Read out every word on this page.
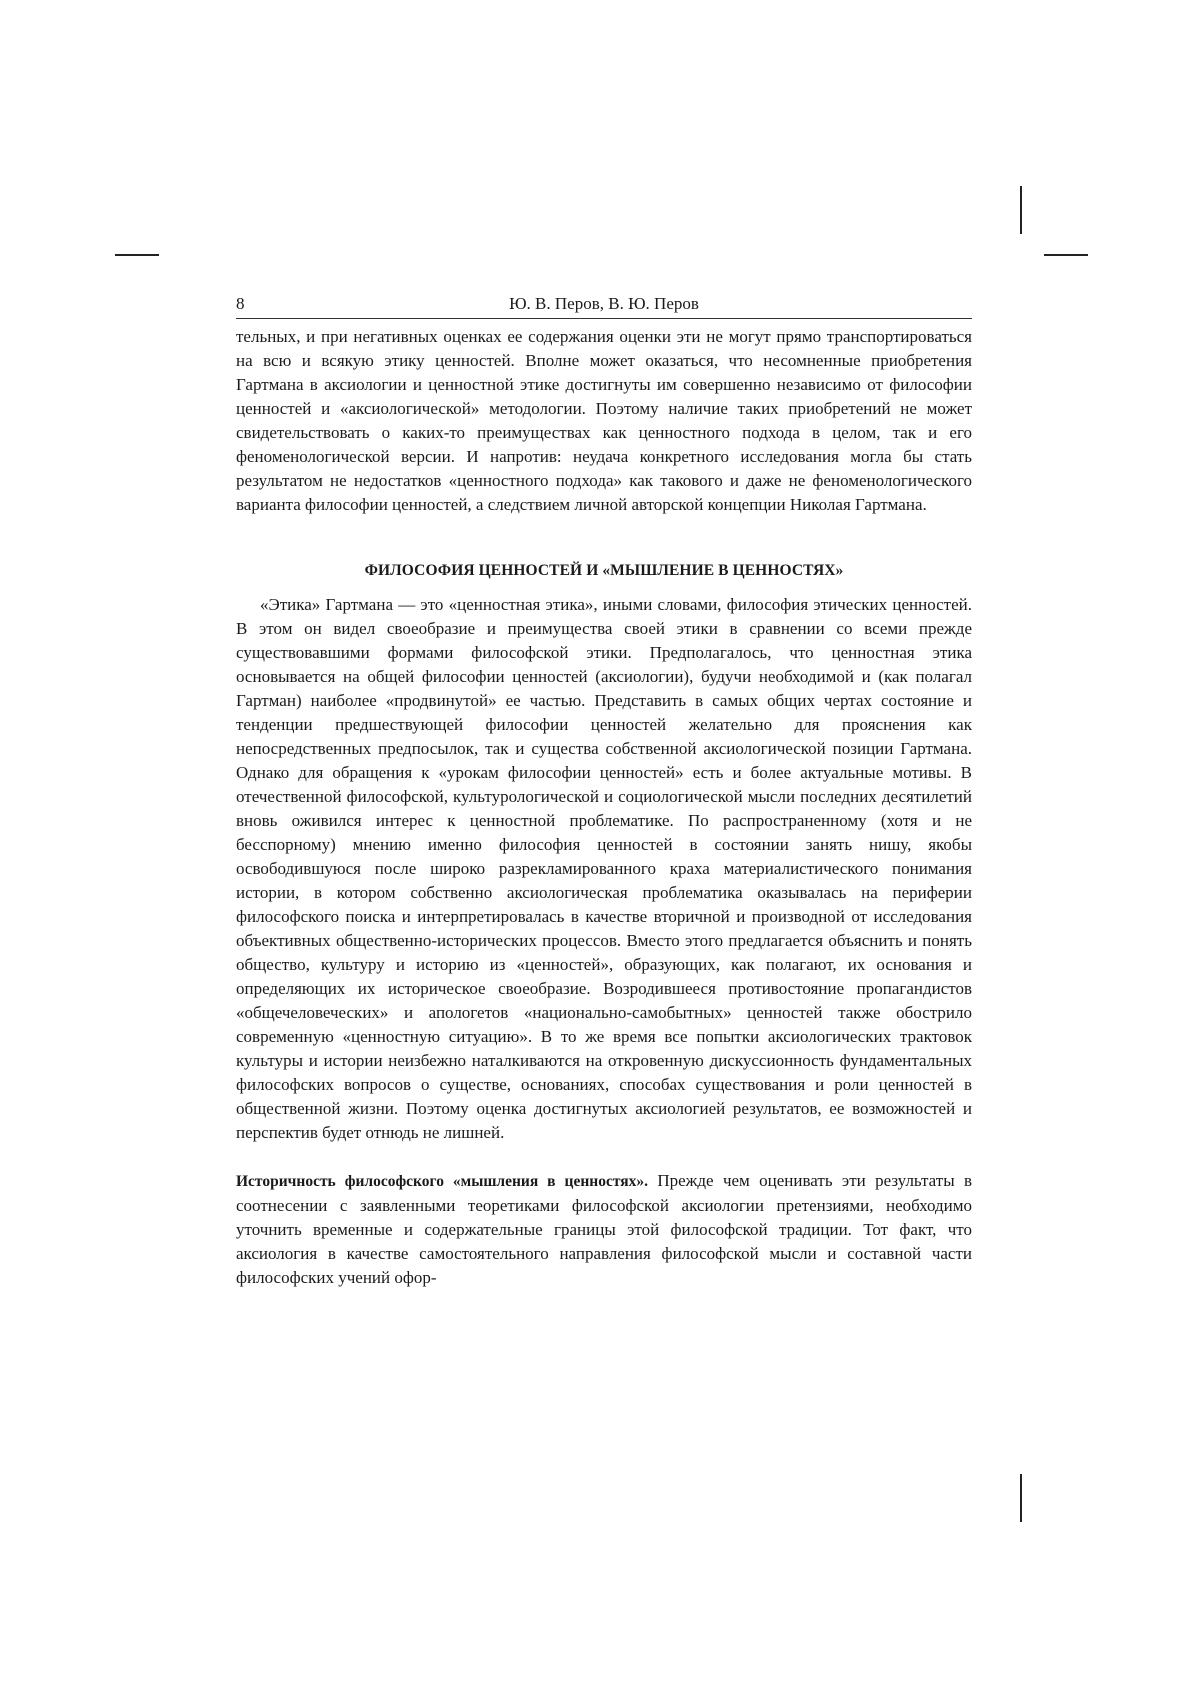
8	Ю. В. Перов, В. Ю. Перов

тельных, и при негативных оценках ее содержания оценки эти не могут прямо транспортироваться на всю и всякую этику ценностей. Вполне может оказаться, что несомненные приобретения Гартмана в аксиологии и ценностной этике достигнуты им совершенно независимо от философии ценностей и «аксиологической» методологии. Поэтому наличие таких приобретений не может свидетельствовать о каких-то преимуществах как ценностного подхода в целом, так и его феноменологической версии. И напротив: неудача конкретного исследования могла бы стать результатом не недостатков «ценностного подхода» как такового и даже не феноменологического варианта философии ценностей, а следствием личной авторской концепции Николая Гартмана.

ФИЛОСОФИЯ ЦЕННОСТЕЙ И «МЫШЛЕНИЕ В ЦЕННОСТЯХ»

«Этика» Гартмана — это «ценностная этика», иными словами, философия этических ценностей. В этом он видел своеобразие и преимущества своей этики в сравнении со всеми прежде существовавшими формами философской этики. Предполагалось, что ценностная этика основывается на общей философии ценностей (аксиологии), будучи необходимой и (как полагал Гартман) наиболее «продвинутой» ее частью. Представить в самых общих чертах состояние и тенденции предшествующей философии ценностей желательно для прояснения как непосредственных предпосылок, так и существа собственной аксиологической позиции Гартмана. Однако для обращения к «урокам философии ценностей» есть и более актуальные мотивы. В отечественной философской, культурологической и социологической мысли последних десятилетий вновь оживился интерес к ценностной проблематике. По распространенному (хотя и не бесспорному) мнению именно философия ценностей в состоянии занять нишу, якобы освободившуюся после широко разрекламированного краха материалистического понимания истории, в котором собственно аксиологическая проблематика оказывалась на периферии философского поиска и интерпретировалась в качестве вторичной и производной от исследования объективных общественно-исторических процессов. Вместо этого предлагается объяснить и понять общество, культуру и историю из «ценностей», образующих, как полагают, их основания и определяющих их историческое своеобразие. Возродившееся противостояние пропагандистов «общечеловеческих» и апологетов «национально-самобытных» ценностей также обострило современную «ценностную ситуацию». В то же время все попытки аксиологических трактовок культуры и истории неизбежно наталкиваются на откровенную дискуссионность фундаментальных философских вопросов о существе, основаниях, способах существования и роли ценностей в общественной жизни. Поэтому оценка достигнутых аксиологией результатов, ее возможностей и перспектив будет отнюдь не лишней.

Историчность философского «мышления в ценностях». Прежде чем оценивать эти результаты в соотнесении с заявленными теоретиками философской аксиологии претензиями, необходимо уточнить временные и содержательные границы этой философской традиции. Тот факт, что аксиология в качестве самостоятельного направления философской мысли и составной части философских учений офор-
